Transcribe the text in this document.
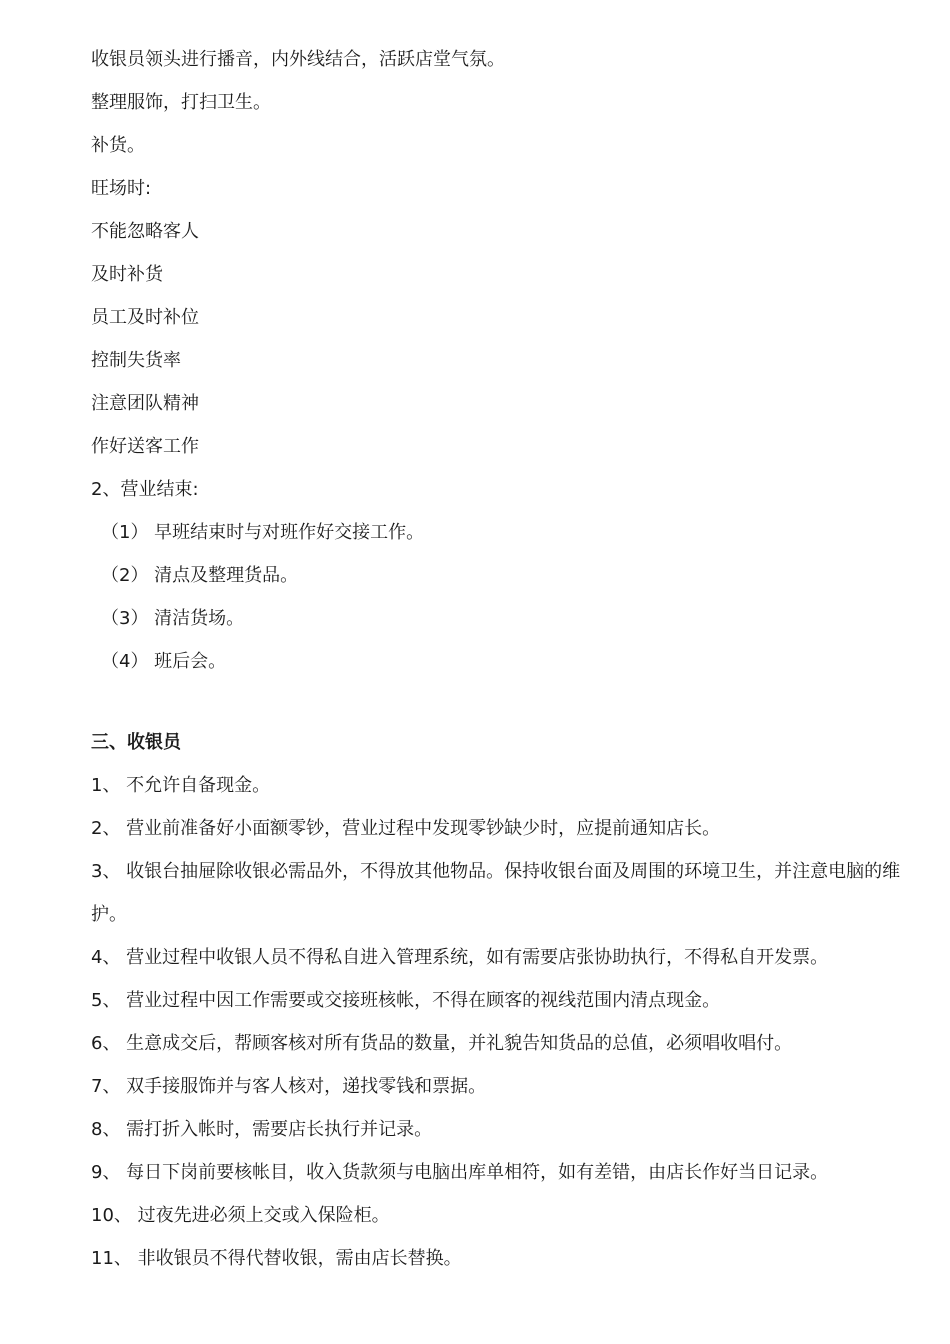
收银员领头进行播音，内外线结合，活跃店堂气氛。

整理服饰，打扫卫生。

补货。

旺场时:

不能忽略客人

及时补货

员工及时补位

控制失货率

注意团队精神

作好送客工作

2、营业结束:

（1） 早班结束时与对班作好交接工作。

（2） 清点及整理货品。

（3） 清洁货场。

（4） 班后会。

三、收银员

1、 不允许自备现金。

2、 营业前准备好小面额零钞，营业过程中发现零钞缺少时，应提前通知店长。

3、 收银台抽屉除收银必需品外，不得放其他物品。保持收银台面及周围的环境卫生，并注意电脑的维护。

4、 营业过程中收银人员不得私自进入管理系统，如有需要店张协助执行，不得私自开发票。

5、 营业过程中因工作需要或交接班核帐，不得在顾客的视线范围内清点现金。

6、 生意成交后，帮顾客核对所有货品的数量，并礼貌告知货品的总值，必须唱收唱付。

7、 双手接服饰并与客人核对，递找零钱和票据。

8、 需打折入帐时，需要店长执行并记录。

9、 每日下岗前要核帐目，收入货款须与电脑出库单相符，如有差错，由店长作好当日记录。

10、 过夜先进必须上交或入保险柜。

11、 非收银员不得代替收银，需由店长替换。
